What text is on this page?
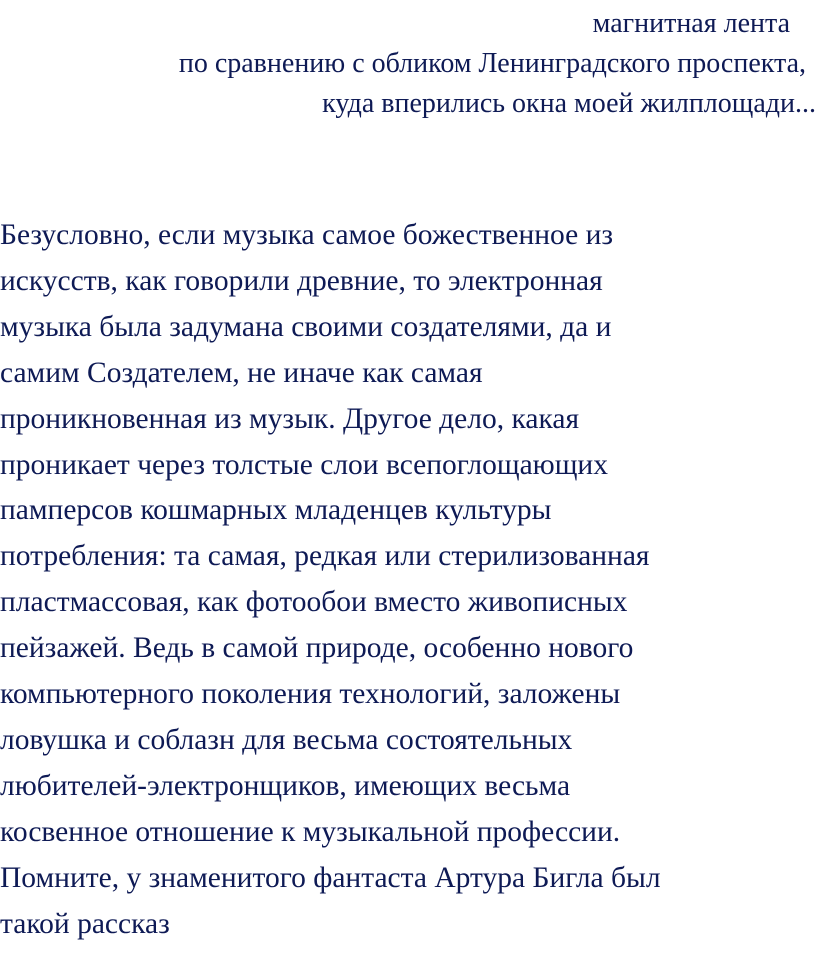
магнитная лента
по сравнению с обликом Ленинградского проспекта,
куда вперились окна моей жилплощади...
Безусловно, если музыка самое божественное из
искусств, как говорили древние, то электронная
музыка была задумана своими создателями, да и
самим Создателем, не иначе как самая
проникновенная из музык. Другое дело, какая
проникает через толстые слои всепоглощающих
памперсов кошмарных младенцев культуры
потребления: та самая, редкая или стерилизованная
пластмассовая, как фотообои вместо живописных
пейзажей. Ведь в самой природе, особенно нового
компьютерного поколения технологий, заложены
ловушка и соблазн для весьма состоятельных
любителей-электронщиков, имеющих весьма
косвенное отношение к музыкальной профессии.
Помните, у знаменитого фантаста Артура Бигла был
такой рассказ
